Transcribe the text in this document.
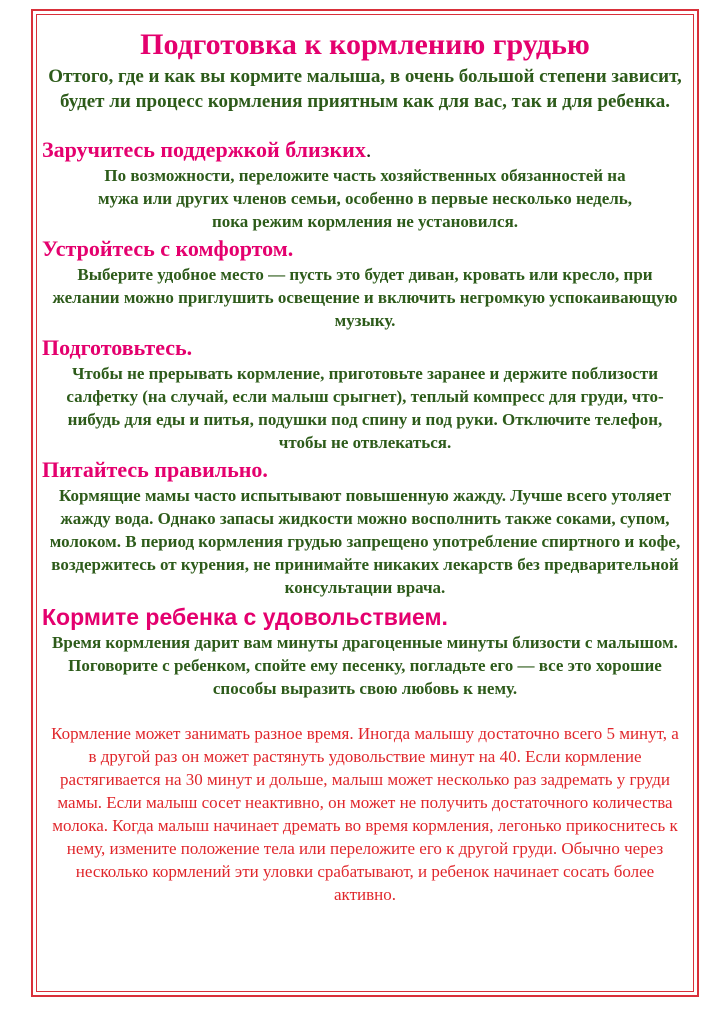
Подготовка к кормлению грудью

Оттого, где и как вы кормите малыша, в очень большой степени зависит, будет ли процесс кормления приятным как для вас, так и для ребенка.

Заручитесь поддержкой близких.

По возможности, переложите часть хозяйственных обязанностей на мужа или других членов семьи, особенно в первые несколько недель, пока режим кормления не установился.

Устройтесь с комфортом.

Выберите удобное место — пусть это будет диван, кровать или кресло, при желании можно приглушить освещение и включить негромкую успокаивающую музыку.

Подготовьтесь.

Чтобы не прерывать кормление, приготовьте заранее и держите поблизости салфетку (на случай, если малыш срыгнет), теплый компресс для груди, что-нибудь для еды и питья, подушки под спину и под руки. Отключите телефон, чтобы не отвлекаться.

Питайтесь правильно.

Кормящие мамы часто испытывают повышенную жажду. Лучше всего утоляет жажду вода. Однако запасы жидкости можно восполнить также соками, супом, молоком. В период кормления грудью запрещено употребление спиртного и кофе, воздержитесь от курения, не принимайте никаких лекарств без предварительной консультации врача.

Кормите ребенка с удовольствием.

Время кормления дарит вам минуты драгоценные минуты близости с малышом. Поговорите с ребенком, спойте ему песенку, погладьте его — все это хорошие способы выразить свою любовь к нему.

Кормление может занимать разное время. Иногда малышу достаточно всего 5 минут, а в другой раз он может растянуть удовольствие минут на 40. Если кормление растягивается на 30 минут и дольше, малыш может несколько раз задремать у груди мамы. Если малыш сосет неактивно, он может не получить достаточного количества молока. Когда малыш начинает дремать во время кормления, легонько прикоснитесь к нему, измените положение тела или переложите его к другой груди. Обычно через несколько кормлений эти уловки срабатывают, и ребенок начинает сосать более активно.
